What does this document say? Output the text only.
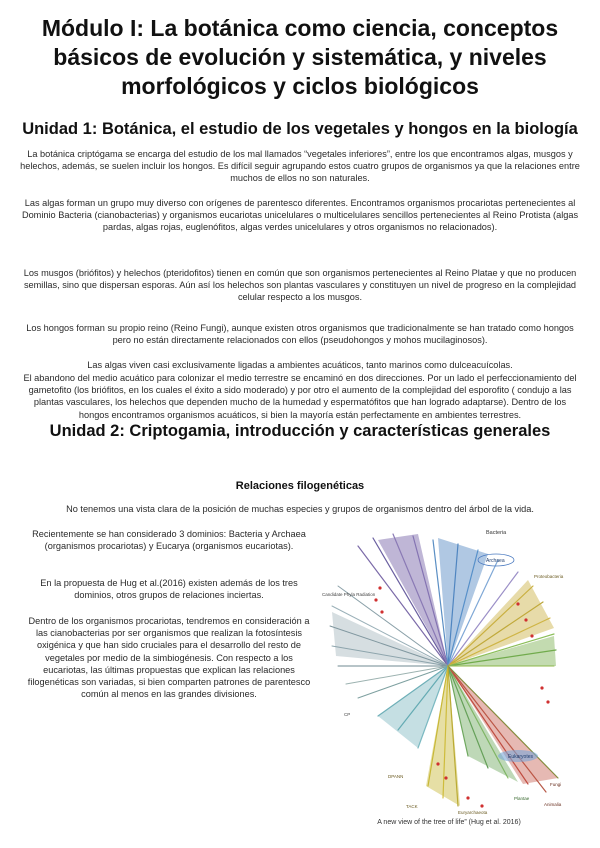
Módulo I: La botánica como ciencia, conceptos básicos de evolución y sistemática, y niveles morfológicos y ciclos biológicos
Unidad 1: Botánica, el estudio de los vegetales y hongos en la biología

La botánica criptógama se encarga del estudio de los mal llamados “vegetales inferiores”, entre los que encontramos algas, musgos y helechos, además, se suelen incluir los hongos. Es difícil seguir agrupando estos cuatro grupos de organismos ya que la relaciones entre muchos de ellos no son naturales.

Las algas forman un grupo muy diverso con orígenes de parentesco diferentes. Encontramos organismos procariotas pertenecientes al Dominio Bacteria (cianobacterias) y organismos eucariotas unicelulares o multicelulares sencillos pertenecientes al Reino Protista (algas pardas, algas rojas, euglenófitos, algas verdes unicelulares y otros organismos no relacionados).

Los musgos (briófitos) y helechos (pteridofitos) tienen en común que son organismos pertenecientes al Reino Platae y que no producen semillas, sino que dispersan esporas. Aún así los helechos son plantas vasculares y constituyen un nivel de progreso en la complejidad celular respecto a los musgos.

Los hongos forman su propio reino (Reino Fungi), aunque existen otros organismos que tradicionalmente se han tratado como hongos pero no están directamente relacionados con ellos (pseudohongos y mohos mucilaginosos).

Las algas viven casi exclusivamente ligadas a ambientes acuáticos, tanto marinos como dulceacuícolas.

El abandono del medio acuático para colonizar el medio terrestre se encaminó en dos direcciones. Por un lado el perfeccionamiento del gametofito (los briófitos, en los cuales el éxito a sido moderado) y por otro el aumento de la complejidad del esporofito ( condujo a las plantas vasculares, los helechos que dependen mucho de la humedad y espermatófitos que han logrado adaptarse). Dentro de los hongos encontramos organismos acuáticos, si bien la mayoría están perfectamente en ambientes terrestres.

Unidad 2: Criptogamia, introducción y características generales
Relaciones filogenéticas

No tenemos una vista clara de la posición de muchas especies y grupos de organismos dentro del árbol de la vida.

Recientemente se han considerado 3 dominios: Bacteria y Archaea (organismos procariotas) y Eucarya (organismos eucariotas).

En la propuesta de Hug et al.(2016) existen además de los tres dominios, otros grupos de relaciones inciertas.

Dentro de los organismos procariotas, tendremos en consideración a las cianobacterias por ser organismos que realizan la fotosíntesis oxigénica y que han sido cruciales para el desarrollo del resto de vegetales por medio de la simbiogénesis. Con respecto a los eucariotas, las últimas propuestas que explican las relaciones filogenéticas son variadas, si bien comparten patrones de parentesco común al menos en las grandes divisiones.

Bacteria
Eukaryotes
Archaea
Candidate Phyla Radiation
CP
Proteobacteria
Fungi
Plantae
Animalia
TACK
DPANN
Euryarchaeota
A new view of the tree of life” (Hug et al. 2016)
